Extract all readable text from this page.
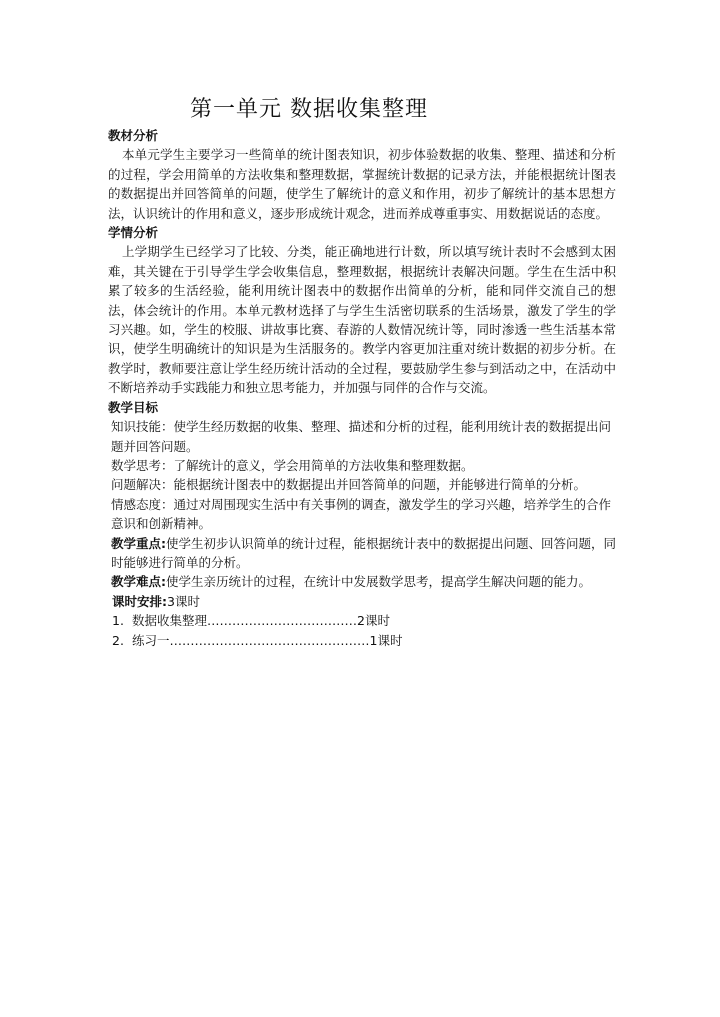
第一单元 数据收集整理
教材分析

本单元学生主要学习一些简单的统计图表知识，初步体验数据的收集、整理、描述和分析的过程，学会用简单的方法收集和整理数据，掌握统计数据的记录方法，并能根据统计图表的数据提出并回答简单的问题，使学生了解统计的意义和作用，初步了解统计的基本思想方法，认识统计的作用和意义，逐步形成统计观念，进而养成尊重事实、用数据说话的态度。

学情分析

上学期学生已经学习了比较、分类，能正确地进行计数，所以填写统计表时不会感到太困难，其关键在于引导学生学会收集信息，整理数据，根据统计表解决问题。学生在生活中积累了较多的生活经验，能利用统计图表中的数据作出简单的分析，能和同伴交流自己的想法，体会统计的作用。本单元教材选择了与学生生活密切联系的生活场景，激发了学生的学习兴趣。如，学生的校服、讲故事比赛、春游的人数情况统计等，同时渗透一些生活基本常识，使学生明确统计的知识是为生活服务的。教学内容更加注重对统计数据的初步分析。在教学时，教师要注意让学生经历统计活动的全过程，要鼓励学生参与到活动之中，在活动中不断培养动手实践能力和独立思考能力，并加强与同伴的合作与交流。

教学目标

知识技能：使学生经历数据的收集、整理、描述和分析的过程，能利用统计表的数据提出问题并回答问题。

数学思考：了解统计的意义，学会用简单的方法收集和整理数据。

问题解决：能根据统计图表中的数据提出并回答简单的问题，并能够进行简单的分析。

情感态度：通过对周围现实生活中有关事例的调查，激发学生的学习兴趣，培养学生的合作意识和创新精神。

教学重点:使学生初步认识简单的统计过程，能根据统计表中的数据提出问题、回答问题，同时能够进行简单的分析。

教学难点:使学生亲历统计的过程，在统计中发展数学思考，提高学生解决问题的能力。

课时安排:3课时
1. 数据收集整理………………………………2课时
2. 练习一…………………………………………1课时
